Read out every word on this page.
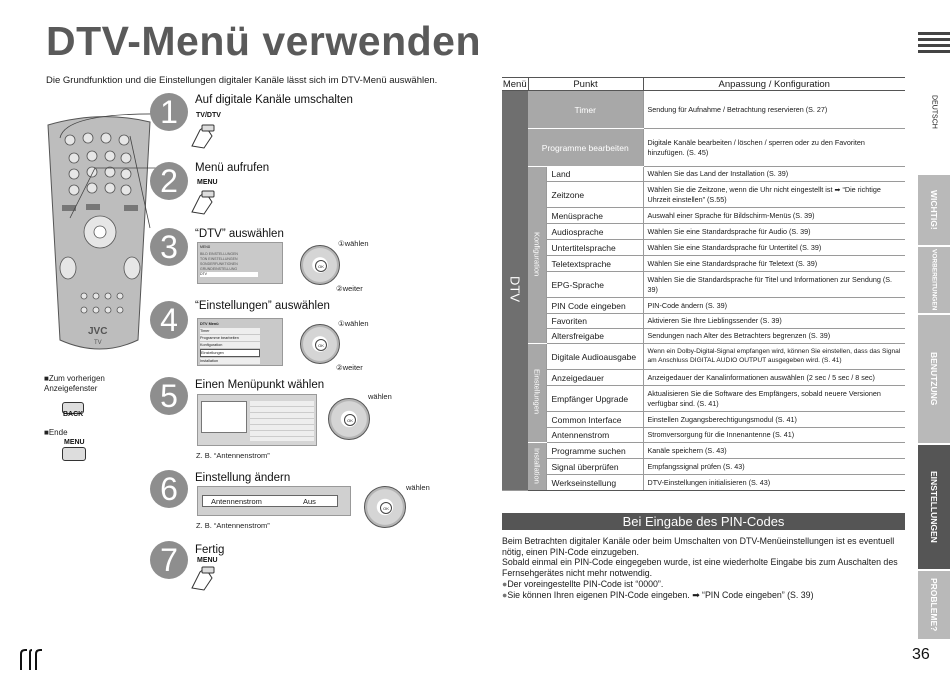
DTV-Menü verwenden
Die Grundfunktion und die Einstellungen digitaler Kanäle lässt sich im DTV-Menü auswählen.
JVC
TV
■Zum vorherigen Anzeigefenster
BACK
■Ende
MENU
1	Auf digitale Kanäle umschalten
TV/DTV
2	Menü aufrufen
MENU
3	“DTV” auswählen
MENÜ
BILD EINSTELLUNGEN
TON EINSTELLUNGEN
SONDERFUNKTIONEN
GRUNDEINSTELLUNG
DTV
OK
①wählen
②weiter
4	“Einstellungen” auswählen
DTV Menü
Timer
Programme bearbeiten
Konfiguration
Einstellungen
Installation
OK
①wählen
②weiter
5	Einen Menüpunkt wählen
OK
wählen
Z. B. “Antennenstrom”
6	Einstellung ändern
Antennenstrom	Aus
OK
wählen
Z. B. “Antennenstrom”
7	Fertig
MENU
Menü	Punkt		Anpassung / Konfiguration
DTV	Timer		Sendung für Aufnahme / Betrachtung reservieren (S. 27)
	Programme bearbeiten		Digitale Kanäle bearbeiten / löschen / sperren oder zu den Favoriten hinzufügen. (S. 45)
	Konfiguration	Land	Wählen Sie das Land der Installation (S. 39)
		Zeitzone	Wählen Sie die Zeitzone, wenn die Uhr nicht eingestellt ist ➡ “Die richtige Uhrzeit einstellen” (S.55)
		Menüsprache	Auswahl einer Sprache für Bildschirm-Menüs (S. 39)
		Audiosprache	Wählen Sie eine Standardsprache für Audio (S. 39)
		Untertitelsprache	Wählen Sie eine Standardsprache für Untertitel (S. 39)
		Teletextsprache	Wählen Sie eine Standardsprache für Teletext (S. 39)
		EPG-Sprache	Wählen Sie die Standardsprache für Titel und Informationen zur Sendung (S. 39)
		PIN Code eingeben	PIN-Code ändern (S. 39)
		Favoriten	Aktivieren Sie Ihre Lieblingssender (S. 39)
		Altersfreigabe	Sendungen nach Alter des Betrachters begrenzen (S. 39)
	Einstellungen	Digitale Audioausgabe	Wenn ein Dolby-Digital-Signal empfangen wird, können Sie einstellen, dass das Signal am Anschluss DIGITAL AUDIO OUTPUT ausgegeben wird. (S. 41)
		Anzeigedauer	Anzeigedauer der Kanalinformationen auswählen (2 sec / 5 sec / 8 sec)
		Empfänger Upgrade	Aktualisieren Sie die Software des Empfängers, sobald neuere Versionen verfügbar sind. (S. 41)
		Common Interface	Einstellen Zugangsberechtigungsmodul (S. 41)
		Antennenstrom	Stromversorgung für die Innenantenne (S. 41)
	Installation	Programme suchen	Kanäle speichern (S. 43)
		Signal überprüfen	Empfangssignal prüfen (S. 43)
		Werkseinstellung	DTV-Einstellungen initialisieren (S. 43)
Bei Eingabe des PIN-Codes
Beim Betrachten digitaler Kanäle oder beim Umschalten von DTV-Menüeinstellungen ist es eventuell nötig, einen PIN-Code einzugeben.
Sobald einmal ein PIN-Code eingegeben wurde, ist eine wiederholte Eingabe bis zum Auschalten des Fernsehgerätes nicht mehr notwendig.
●Der voreingestellte PIN-Code ist “0000”.
●Sie können Ihren eigenen PIN-Code eingeben. ➡ “PIN Code eingeben” (S. 39)
DEUTSCH
WICHTIG!
VORBEREITUNGEN
BENUTZUNG
EINSTELLUNGEN
PROBLEME?
36
